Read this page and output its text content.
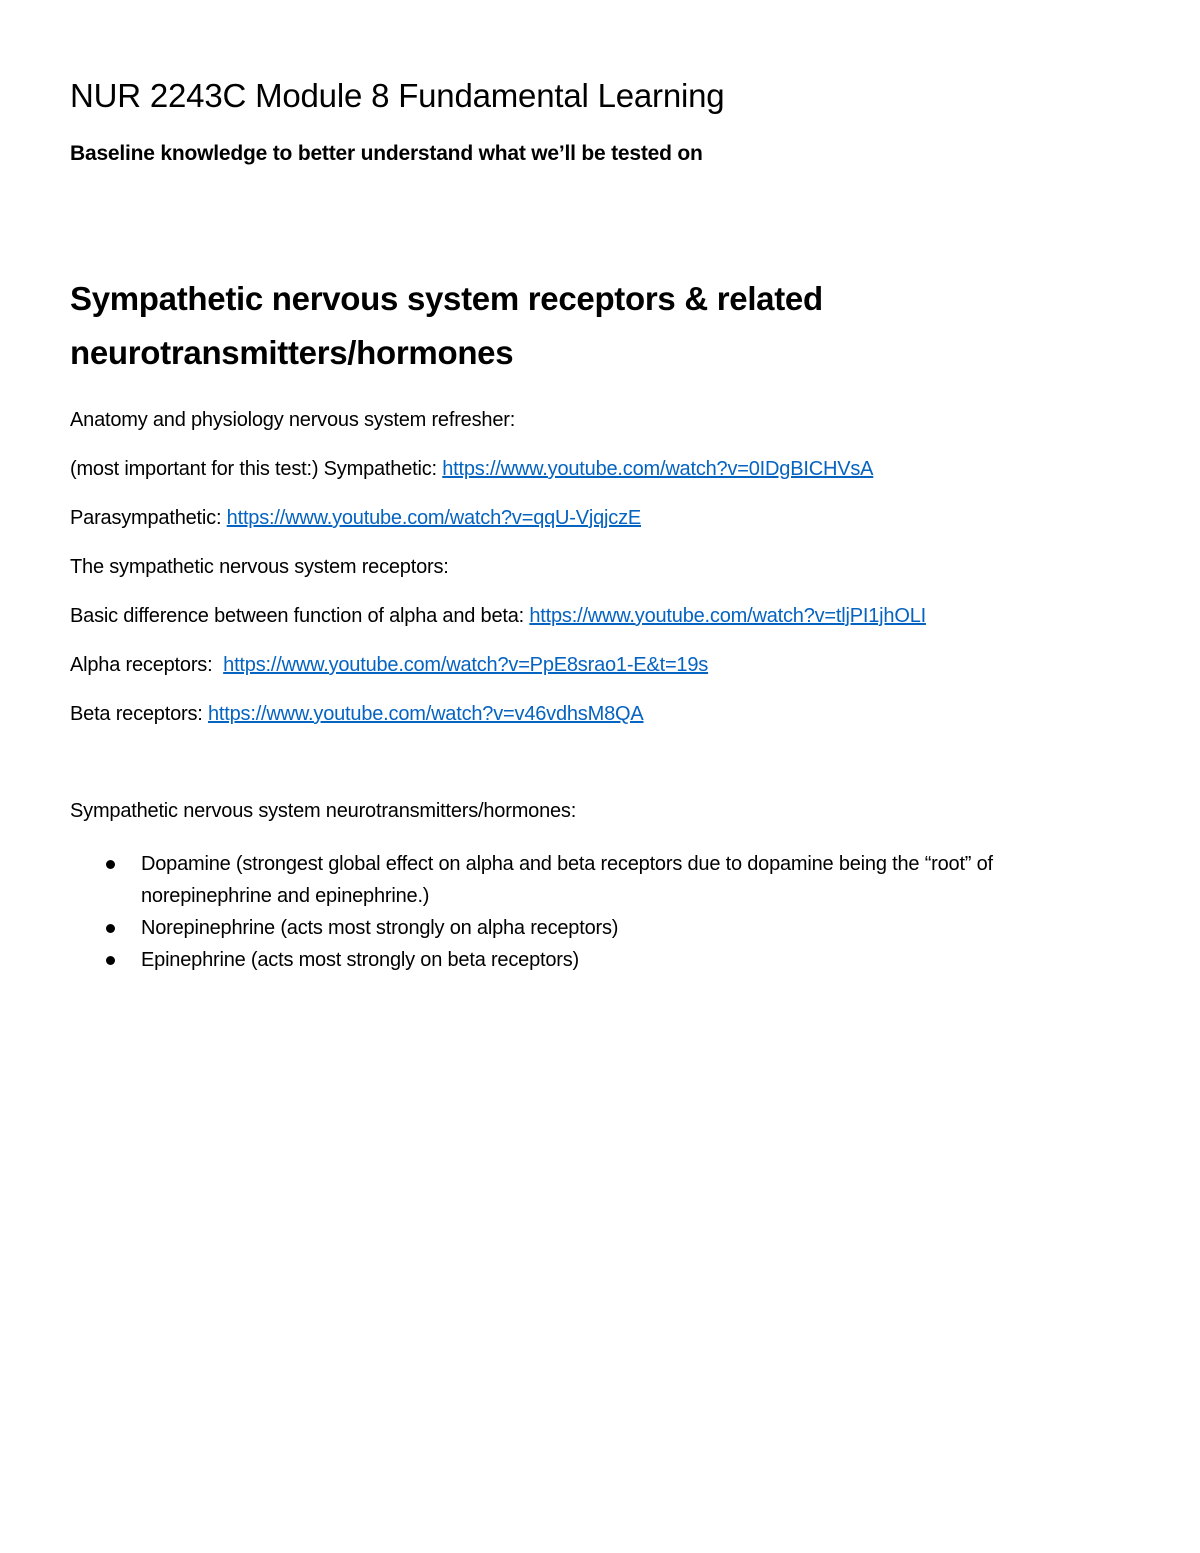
NUR 2243C Module 8 Fundamental Learning

Baseline knowledge to better understand what we’ll be tested on

Sympathetic nervous system receptors & related
neurotransmitters/hormones

Anatomy and physiology nervous system refresher:

(most important for this test:) Sympathetic: https://www.youtube.com/watch?v=0IDgBICHVsA

Parasympathetic: https://www.youtube.com/watch?v=qqU-VjqjczE

The sympathetic nervous system receptors:

Basic difference between function of alpha and beta: https://www.youtube.com/watch?v=tljPI1jhOLI

Alpha receptors:  https://www.youtube.com/watch?v=PpE8srao1-E&t=19s

Beta receptors: https://www.youtube.com/watch?v=v46vdhsM8QA

Sympathetic nervous system neurotransmitters/hormones:

Dopamine (strongest global effect on alpha and beta receptors due to dopamine being the “root” of norepinephrine and epinephrine.)
Norepinephrine (acts most strongly on alpha receptors)
Epinephrine (acts most strongly on beta receptors)
